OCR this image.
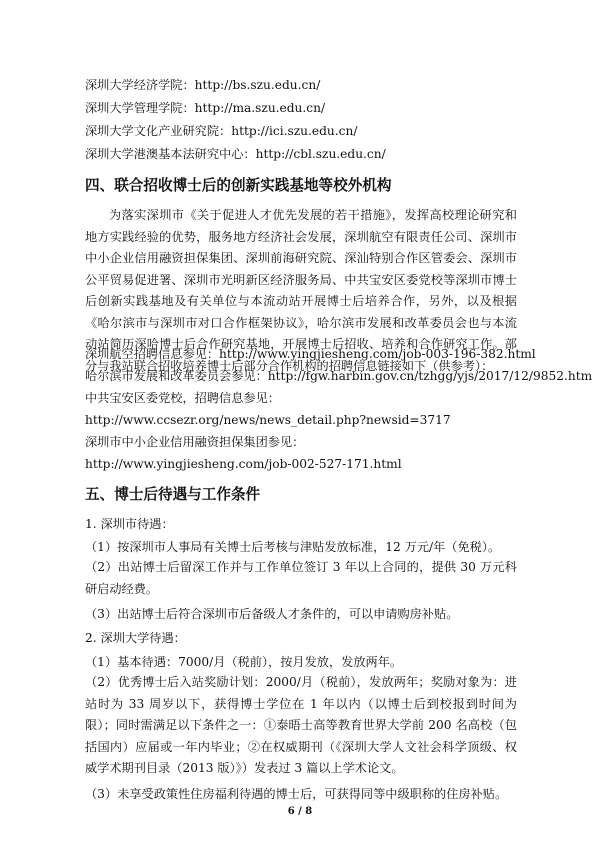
深圳大学经济学院：http://bs.szu.edu.cn/
深圳大学管理学院：http://ma.szu.edu.cn/
深圳大学文化产业研究院：http://ici.szu.edu.cn/
深圳大学港澳基本法研究中心：http://cbl.szu.edu.cn/
四、联合招收博士后的创新实践基地等校外机构
为落实深圳市《关于促进人才优先发展的若干措施》，发挥高校理论研究和地方实践经验的优势，服务地方经济社会发展，深圳航空有限责任公司、深圳市中小企业信用融资担保集团、深圳前海研究院、深汕特别合作区管委会、深圳市公平贸易促进署、深圳市光明新区经济服务局、中共宝安区委党校等深圳市博士后创新实践基地及有关单位与本流动站开展博士后培养合作，另外，以及根据《哈尔滨市与深圳市对口合作框架协议》，哈尔滨市发展和改革委员会也与本流动站简历深哈博士后合作研究基地，开展博士后招收、培养和合作研究工作。部分与我站联合招收培养博士后部分合作机构的招聘信息链接如下（供参考）：
深圳航空招聘信息参见：http://www.yingjiesheng.com/job-003-196-382.html
哈尔滨市发展和改革委员会参见：http://fgw.harbin.gov.cn/tzhgg/yjs/2017/12/9852.htm
中共宝安区委党校，招聘信息参见：
http://www.ccsezr.org/news/news_detail.php?newsid=3717
深圳市中小企业信用融资担保集团参见：
http://www.yingjiesheng.com/job-002-527-171.html
五、博士后待遇与工作条件
1. 深圳市待遇：
（1）按深圳市人事局有关博士后考核与津贴发放标准，12 万元/年（免税）。
（2）出站博士后留深工作并与工作单位签订 3 年以上合同的，提供 30 万元科研启动经费。
（3）出站博士后符合深圳市后备级人才条件的，可以申请购房补贴。
2. 深圳大学待遇：
（1）基本待遇：7000/月（税前），按月发放，发放两年。
（2）优秀博士后入站奖励计划：2000/月（税前），发放两年；奖励对象为：进站时为 33 周岁以下，获得博士学位在 1 年以内（以博士后到校报到时间为限）；同时需满足以下条件之一：①泰晤士高等教育世界大学前 200 名高校（包括国内）应届或一年内毕业；②在权威期刊（《深圳大学人文社会科学顶级、权威学术期刊目录（2013 版）》）发表过 3 篇以上学术论文。
（3）未享受政策性住房福利待遇的博士后，可获得同等中级职称的住房补贴。
6 / 8
